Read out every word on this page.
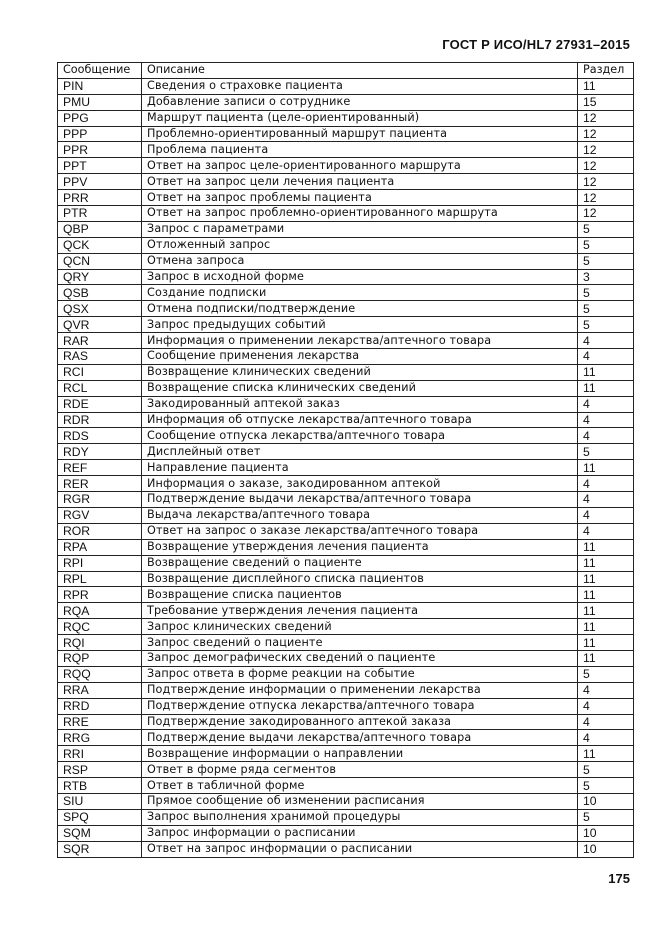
ГОСТ Р ИСО/HL7 27931–2015
Сообщение	Описание	Раздел
PIN	Сведения о страховке пациента	11
PMU	Добавление записи о сотруднике	15
PPG	Маршрут пациента (целе-ориентированный)	12
PPP	Проблемно-ориентированный маршрут пациента	12
PPR	Проблема пациента	12
PPT	Ответ на запрос целе-ориентированного маршрута	12
PPV	Ответ на запрос цели лечения пациента	12
PRR	Ответ на запрос проблемы пациента	12
PTR	Ответ на запрос проблемно-ориентированного маршрута	12
QBP	Запрос с параметрами	5
QCK	Отложенный запрос	5
QCN	Отмена запроса	5
QRY	Запрос в исходной форме	3
QSB	Создание подписки	5
QSX	Отмена подписки/подтверждение	5
QVR	Запрос предыдущих событий	5
RAR	Информация о применении лекарства/аптечного товара	4
RAS	Сообщение применения лекарства	4
RCI	Возвращение клинических сведений	11
RCL	Возвращение списка клинических сведений	11
RDE	Закодированный аптекой заказ	4
RDR	Информация об отпуске лекарства/аптечного товара	4
RDS	Сообщение отпуска лекарства/аптечного товара	4
RDY	Дисплейный ответ	5
REF	Направление пациента	11
RER	Информация о заказе, закодированном аптекой	4
RGR	Подтверждение выдачи лекарства/аптечного товара	4
RGV	Выдача лекарства/аптечного товара	4
ROR	Ответ на запрос о заказе лекарства/аптечного товара	4
RPA	Возвращение утверждения лечения пациента	11
RPI	Возвращение сведений о пациенте	11
RPL	Возвращение дисплейного списка пациентов	11
RPR	Возвращение списка пациентов	11
RQA	Требование утверждения лечения пациента	11
RQC	Запрос клинических сведений	11
RQI	Запрос сведений о пациенте	11
RQP	Запрос демографических сведений о пациенте	11
RQQ	Запрос ответа в форме реакции на событие	5
RRA	Подтверждение информации о применении лекарства	4
RRD	Подтверждение отпуска лекарства/аптечного товара	4
RRE	Подтверждение закодированного аптекой заказа	4
RRG	Подтверждение выдачи лекарства/аптечного товара	4
RRI	Возвращение информации о направлении	11
RSP	Ответ в форме ряда сегментов	5
RTB	Ответ в табличной форме	5
SIU	Прямое сообщение об изменении расписания	10
SPQ	Запрос выполнения хранимой процедуры	5
SQM	Запрос информации о расписании	10
SQR	Ответ на запрос информации о расписании	10
175
